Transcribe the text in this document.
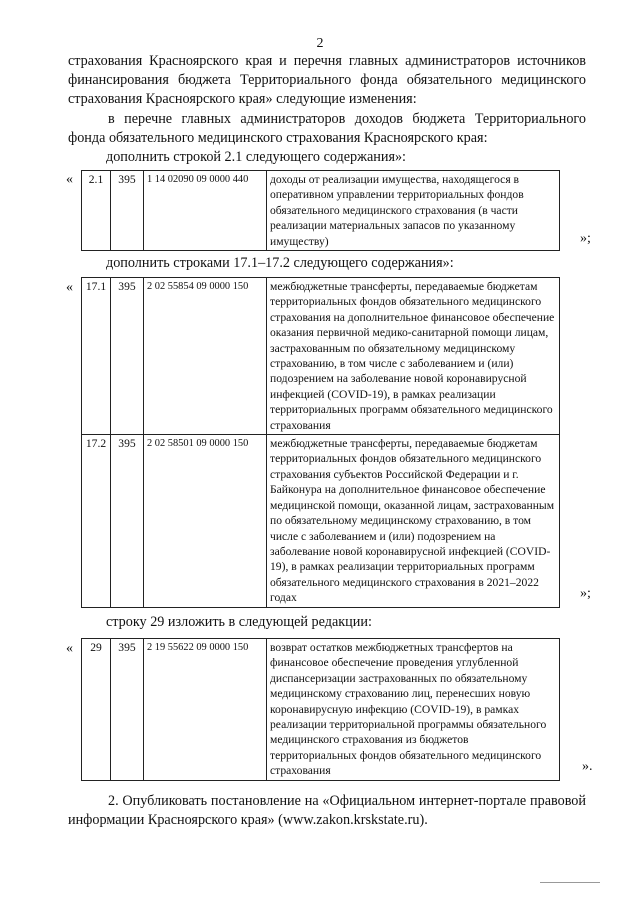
2

страхования Красноярского края и перечня главных администраторов источников финансирования бюджета Территориального фонда обязательного медицинского страхования Красноярского края» следующие изменения:

в перечне главных администраторов доходов бюджета Территориального фонда обязательного медицинского страхования Красноярского края:

дополнить строкой 2.1 следующего содержания»:
« 2.1	395	1 14 02090 09 0000 440	доходы от реализации имущества, находящегося в оперативном управлении территориальных фондов обязательного медицинского страхования (в части реализации материальных запасов по указанному имуществу)	»;
дополнить строками 17.1–17.2 следующего содержания»:
« 17.1	395	2 02 55854 09 0000 150	межбюджетные трансферты, передаваемые бюджетам территориальных фондов обязательного медицинского страхования на дополнительное финансовое обеспечение оказания первичной медико-санитарной помощи лицам, застрахованным по обязательному медицинскому страхованию, в том числе с заболеванием и (или) подозрением на заболевание новой коронавирусной инфекцией (COVID-19), в рамках реализации территориальных программ обязательного медицинского страхования
17.2	395	2 02 58501 09 0000 150	межбюджетные трансферты, передаваемые бюджетам территориальных фондов обязательного медицинского страхования субъектов Российской Федерации и г. Байконура на дополнительное финансовое обеспечение медицинской помощи, оказанной лицам, застрахованным по обязательному медицинскому страхованию, в том числе с заболеванием и (или) подозрением на заболевание новой коронавирусной инфекцией (COVID-19), в рамках реализации территориальных программ обязательного медицинского страхования в 2021–2022 годах	»;
строку 29 изложить в следующей редакции:
« 29	395	2 19 55622 09 0000 150	возврат остатков межбюджетных трансфертов на финансовое обеспечение проведения углубленной диспансеризации застрахованных по обязательному медицинскому страхованию лиц, перенесших новую коронавирусную инфекцию (COVID-19), в рамках реализации территориальной программы обязательного медицинского страхования из бюджетов территориальных фондов обязательного медицинского страхования	».

2. Опубликовать постановление на «Официальном интернет-портале правовой информации Красноярского края» (www.zakon.krskstate.ru).
